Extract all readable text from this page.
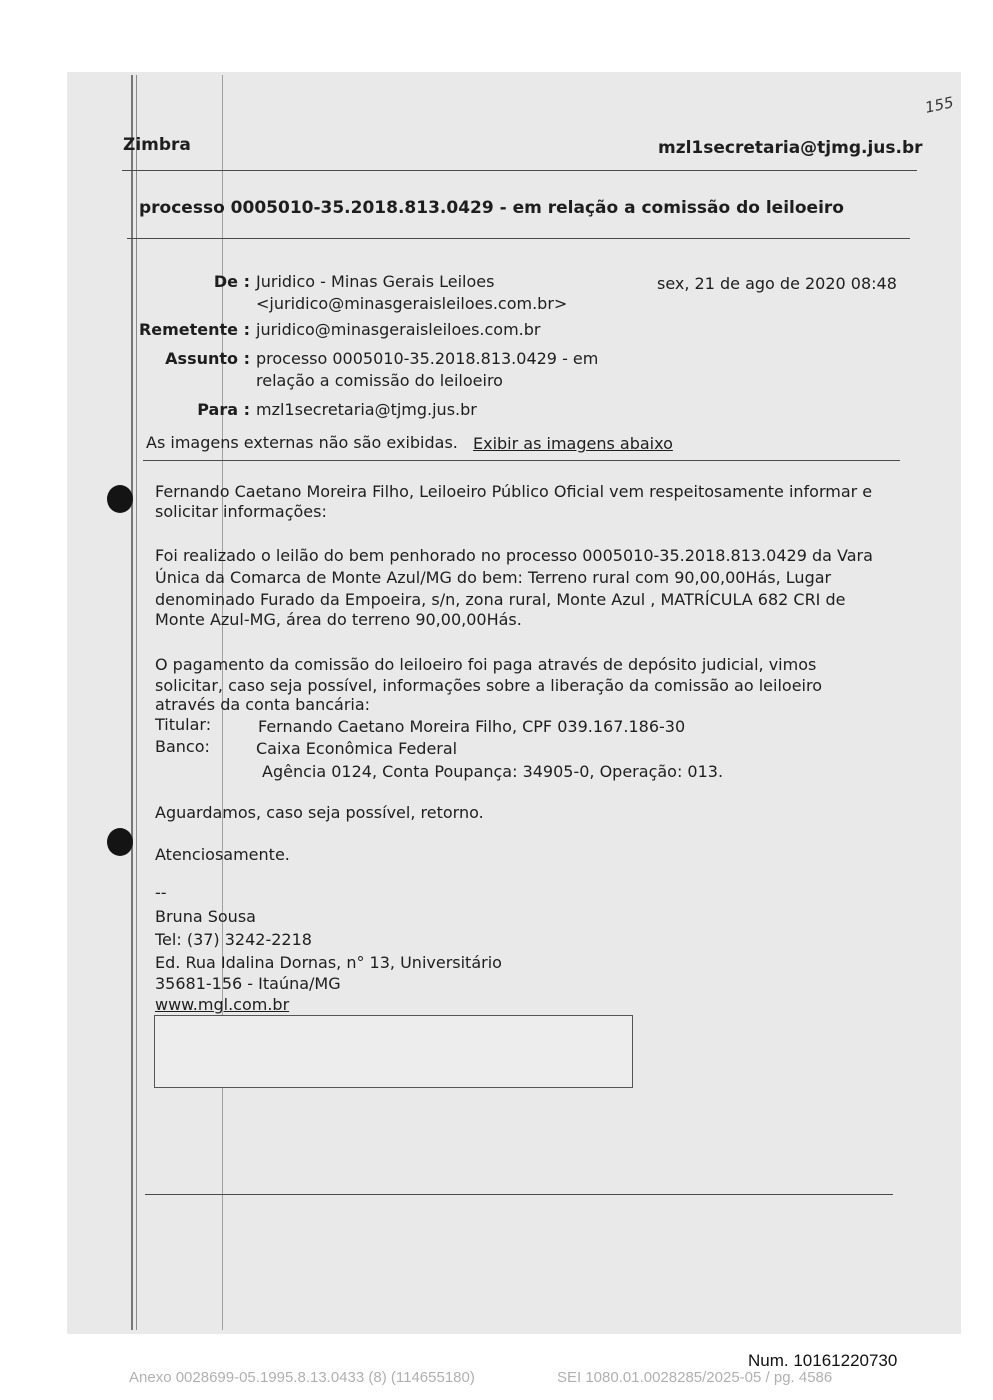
Zimbra	mzl1secretaria@tjmg.jus.br
155
processo 0005010-35.2018.813.0429 - em relação a comissão do leiloeiro
De : Juridico - Minas Gerais Leiloes
<juridico@minasgeraisleiloes.com.br>
sex, 21 de ago de 2020 08:48
Remetente : juridico@minasgeraisleiloes.com.br
Assunto : processo 0005010-35.2018.813.0429 - em
relação a comissão do leiloeiro
Para : mzl1secretaria@tjmg.jus.br
As imagens externas não são exibidas. Exibir as imagens abaixo
Fernando Caetano Moreira Filho, Leiloeiro Público Oficial vem respeitosamente informar e
solicitar informações:
Foi realizado o leilão do bem penhorado no processo 0005010-35.2018.813.0429 da Vara
Única da Comarca de Monte Azul/MG do bem: Terreno rural com 90,00,00Hás, Lugar
denominado Furado da Empoeira, s/n, zona rural, Monte Azul , MATRÍCULA 682 CRI de
Monte Azul-MG, área do terreno 90,00,00Hás.
O pagamento da comissão do leiloeiro foi paga através de depósito judicial, vimos
solicitar, caso seja possível, informações sobre a liberação da comissão ao leiloeiro
através da conta bancária:
Titular:	Fernando Caetano Moreira Filho, CPF 039.167.186-30
Banco:	Caixa Econômica Federal
Agência 0124, Conta Poupança: 34905-0, Operação: 013.
Aguardamos, caso seja possível, retorno.
Atenciosamente.
--
Bruna Sousa
Tel: (37) 3242-2218
Ed. Rua Idalina Dornas, n° 13, Universitário
35681-156 - Itaúna/MG
www.mgl.com.br
Num. 10161220730
Anexo 0028699-05.1995.8.13.0433 (8) (114655180)	SEI 1080.01.0028285/2025-05 / pg. 4586
